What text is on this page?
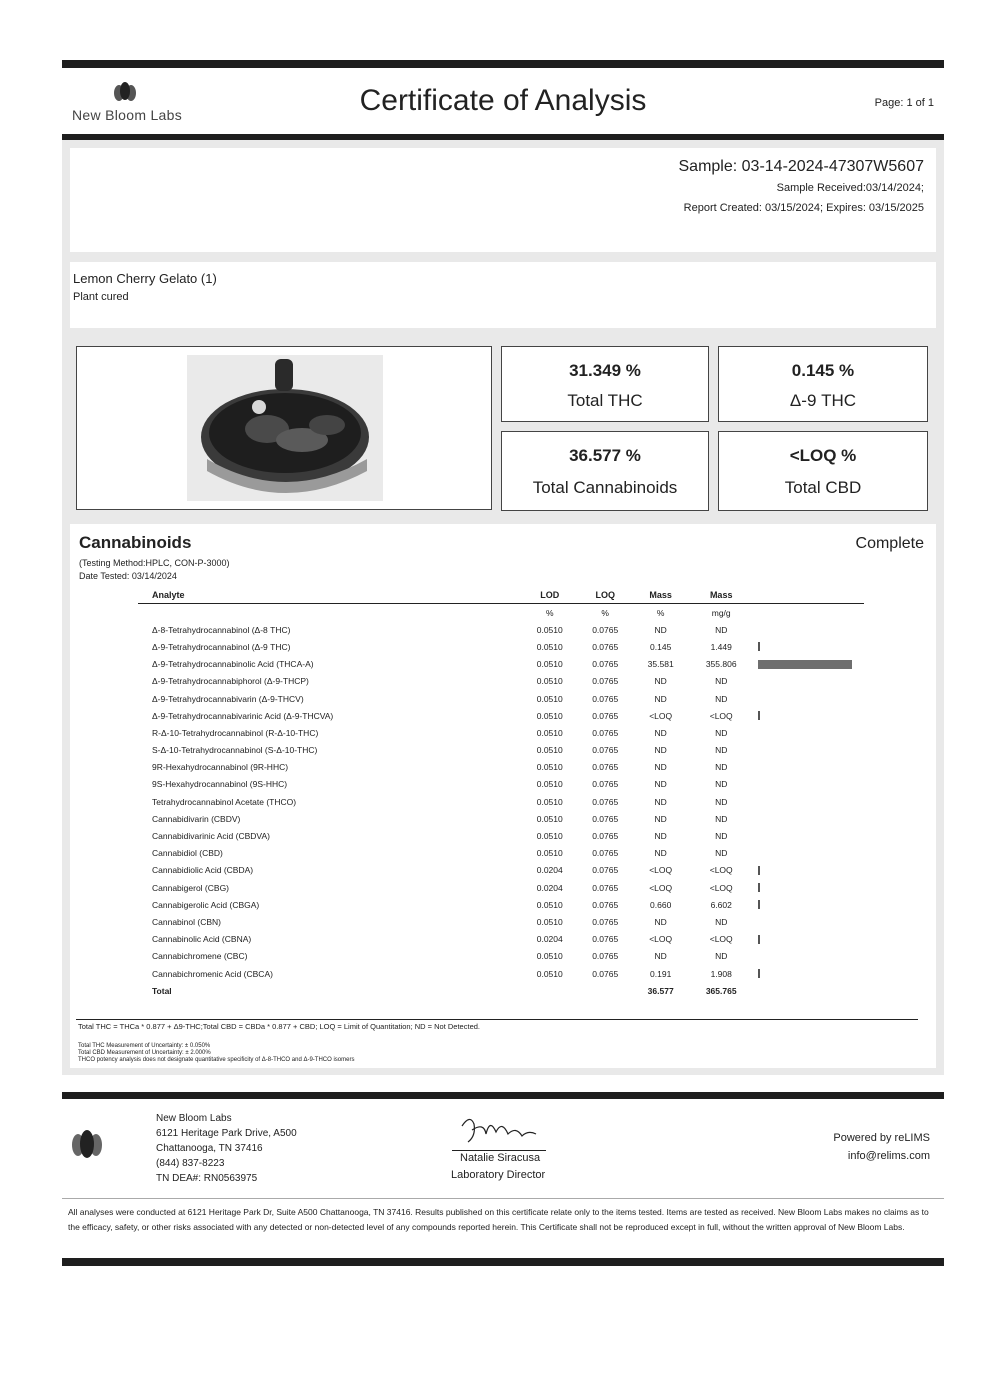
New Bloom Labs	Certificate of Analysis	Page: 1 of 1
Sample: 03-14-2024-47307W5607
Sample Received:03/14/2024;
Report Created: 03/15/2024; Expires: 03/15/2025
Lemon Cherry Gelato (1)
Plant cured
31.349 %
Total THC
0.145 %
Δ-9 THC
36.577 %
Total Cannabinoids
<LOQ %
Total CBD
Cannabinoids	Complete
(Testing Method:HPLC, CON-P-3000)
Date Tested: 03/14/2024
Analyte	LOD	LOQ	Mass	Mass	
	%	%	%	mg/g	
Δ-8-Tetrahydrocannabinol (Δ-8 THC)	0.0510	0.0765	ND	ND	

Δ-9-Tetrahydrocannabinol (Δ-9 THC)	0.0510	0.0765	0.145	1.449	

Δ-9-Tetrahydrocannabinolic Acid (THCA-A)	0.0510	0.0765	35.581	355.806	

Δ-9-Tetrahydrocannabiphorol (Δ-9-THCP)	0.0510	0.0765	ND	ND	

Δ-9-Tetrahydrocannabivarin (Δ-9-THCV)	0.0510	0.0765	ND	ND	

Δ-9-Tetrahydrocannabivarinic Acid (Δ-9-THCVA)	0.0510	0.0765	<LOQ	<LOQ	

R-Δ-10-Tetrahydrocannabinol (R-Δ-10-THC)	0.0510	0.0765	ND	ND	

S-Δ-10-Tetrahydrocannabinol (S-Δ-10-THC)	0.0510	0.0765	ND	ND	

9R-Hexahydrocannabinol (9R-HHC)	0.0510	0.0765	ND	ND	

9S-Hexahydrocannabinol (9S-HHC)	0.0510	0.0765	ND	ND	

Tetrahydrocannabinol Acetate (THCO)	0.0510	0.0765	ND	ND	

Cannabidivarin (CBDV)	0.0510	0.0765	ND	ND	

Cannabidivarinic Acid (CBDVA)	0.0510	0.0765	ND	ND	

Cannabidiol (CBD)	0.0510	0.0765	ND	ND	

Cannabidiolic Acid (CBDA)	0.0204	0.0765	<LOQ	<LOQ	

Cannabigerol (CBG)	0.0204	0.0765	<LOQ	<LOQ	

Cannabigerolic Acid (CBGA)	0.0510	0.0765	0.660	6.602	

Cannabinol (CBN)	0.0510	0.0765	ND	ND	

Cannabinolic Acid (CBNA)	0.0204	0.0765	<LOQ	<LOQ	

Cannabichromene (CBC)	0.0510	0.0765	ND	ND	

Cannabichromenic Acid (CBCA)	0.0510	0.0765	0.191	1.908	

Total			36.577	365.765	
Total THC = THCa * 0.877 + Δ9-THC;Total CBD = CBDa * 0.877 + CBD; LOQ = Limit of Quantitation; ND = Not Detected.
Total THC Measurement of Uncertainty: ± 0.050%
Total CBD Measurement of Uncertainty: ± 2.000%
THCO potency analysis does not designate quantitative specificity of Δ-8-THCO and Δ-9-THCO isomers
New Bloom Labs
6121 Heritage Park Drive, A500
Chattanooga, TN 37416
(844) 837-8223
TN DEA#: RN0563975
Natalie Siracusa
Laboratory Director
Powered by reLIMS
info@relims.com
All analyses were conducted at 6121 Heritage Park Dr, Suite A500 Chattanooga, TN 37416. Results published on this certificate relate only to the items tested. Items are tested as received. New Bloom Labs makes no claims as to the efficacy, safety, or other risks associated with any detected or non-detected level of any compounds reported herein. This Certificate shall not be reproduced except in full, without the written approval of New Bloom Labs.
